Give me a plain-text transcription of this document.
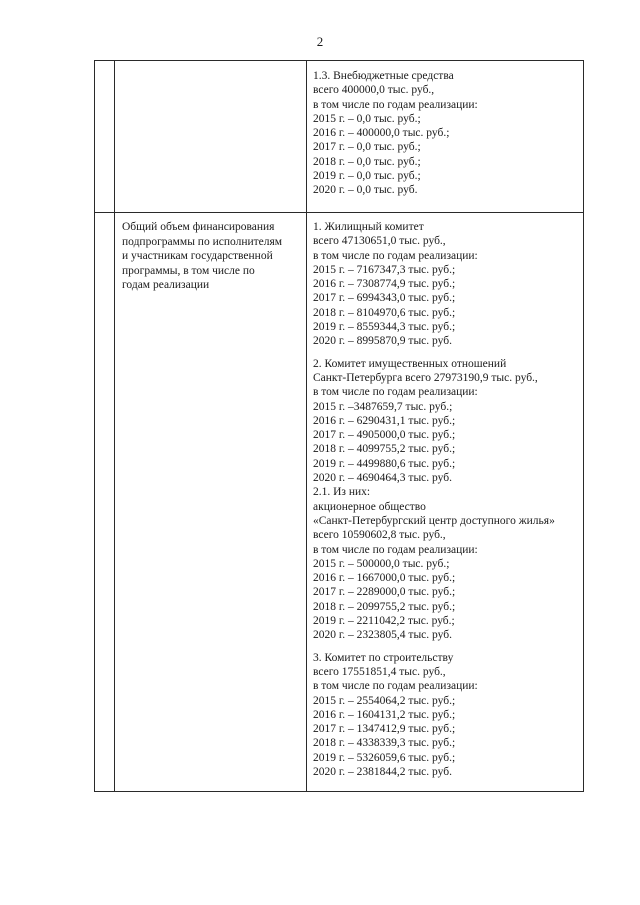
2
1.3. Внебюджетные средства
всего 400000,0 тыс. руб.,
в том числе по годам реализации:
2015 г. – 0,0 тыс. руб.;
2016 г. – 400000,0 тыс. руб.;
2017 г. – 0,0 тыс. руб.;
2018 г. – 0,0 тыс. руб.;
2019 г. – 0,0 тыс. руб.;
2020 г. – 0,0 тыс. руб.
Общий объем финансирования
подпрограммы по исполнителям
и участникам государственной
программы, в том числе по
годам реализации
1. Жилищный комитет
всего 47130651,0 тыс. руб.,
в том числе по годам реализации:
2015 г. – 7167347,3 тыс. руб.;
2016 г. – 7308774,9 тыс. руб.;
2017 г. – 6994343,0 тыс. руб.;
2018 г. – 8104970,6 тыс. руб.;
2019 г. – 8559344,3 тыс. руб.;
2020 г. – 8995870,9 тыс. руб.
2. Комитет имущественных отношений
Санкт-Петербурга всего 27973190,9 тыс. руб.,
в том числе по годам реализации:
2015 г. –3487659,7 тыс. руб.;
2016 г. – 6290431,1 тыс. руб.;
2017 г. – 4905000,0 тыс. руб.;
2018 г. – 4099755,2 тыс. руб.;
2019 г. – 4499880,6 тыс. руб.;
2020 г. – 4690464,3 тыс. руб.
2.1. Из них:
акционерное общество
«Санкт-Петербургский центр доступного жилья»
всего 10590602,8 тыс. руб.,
в том числе по годам реализации:
2015 г. – 500000,0 тыс. руб.;
2016 г. – 1667000,0 тыс. руб.;
2017 г. – 2289000,0 тыс. руб.;
2018 г. – 2099755,2 тыс. руб.;
2019 г. – 2211042,2 тыс. руб.;
2020 г. – 2323805,4 тыс. руб.
3. Комитет по строительству
всего 17551851,4 тыс. руб.,
в том числе по годам реализации:
2015 г. – 2554064,2 тыс. руб.;
2016 г. – 1604131,2 тыс. руб.;
2017 г. – 1347412,9 тыс. руб.;
2018 г. – 4338339,3 тыс. руб.;
2019 г. – 5326059,6 тыс. руб.;
2020 г. – 2381844,2 тыс. руб.
